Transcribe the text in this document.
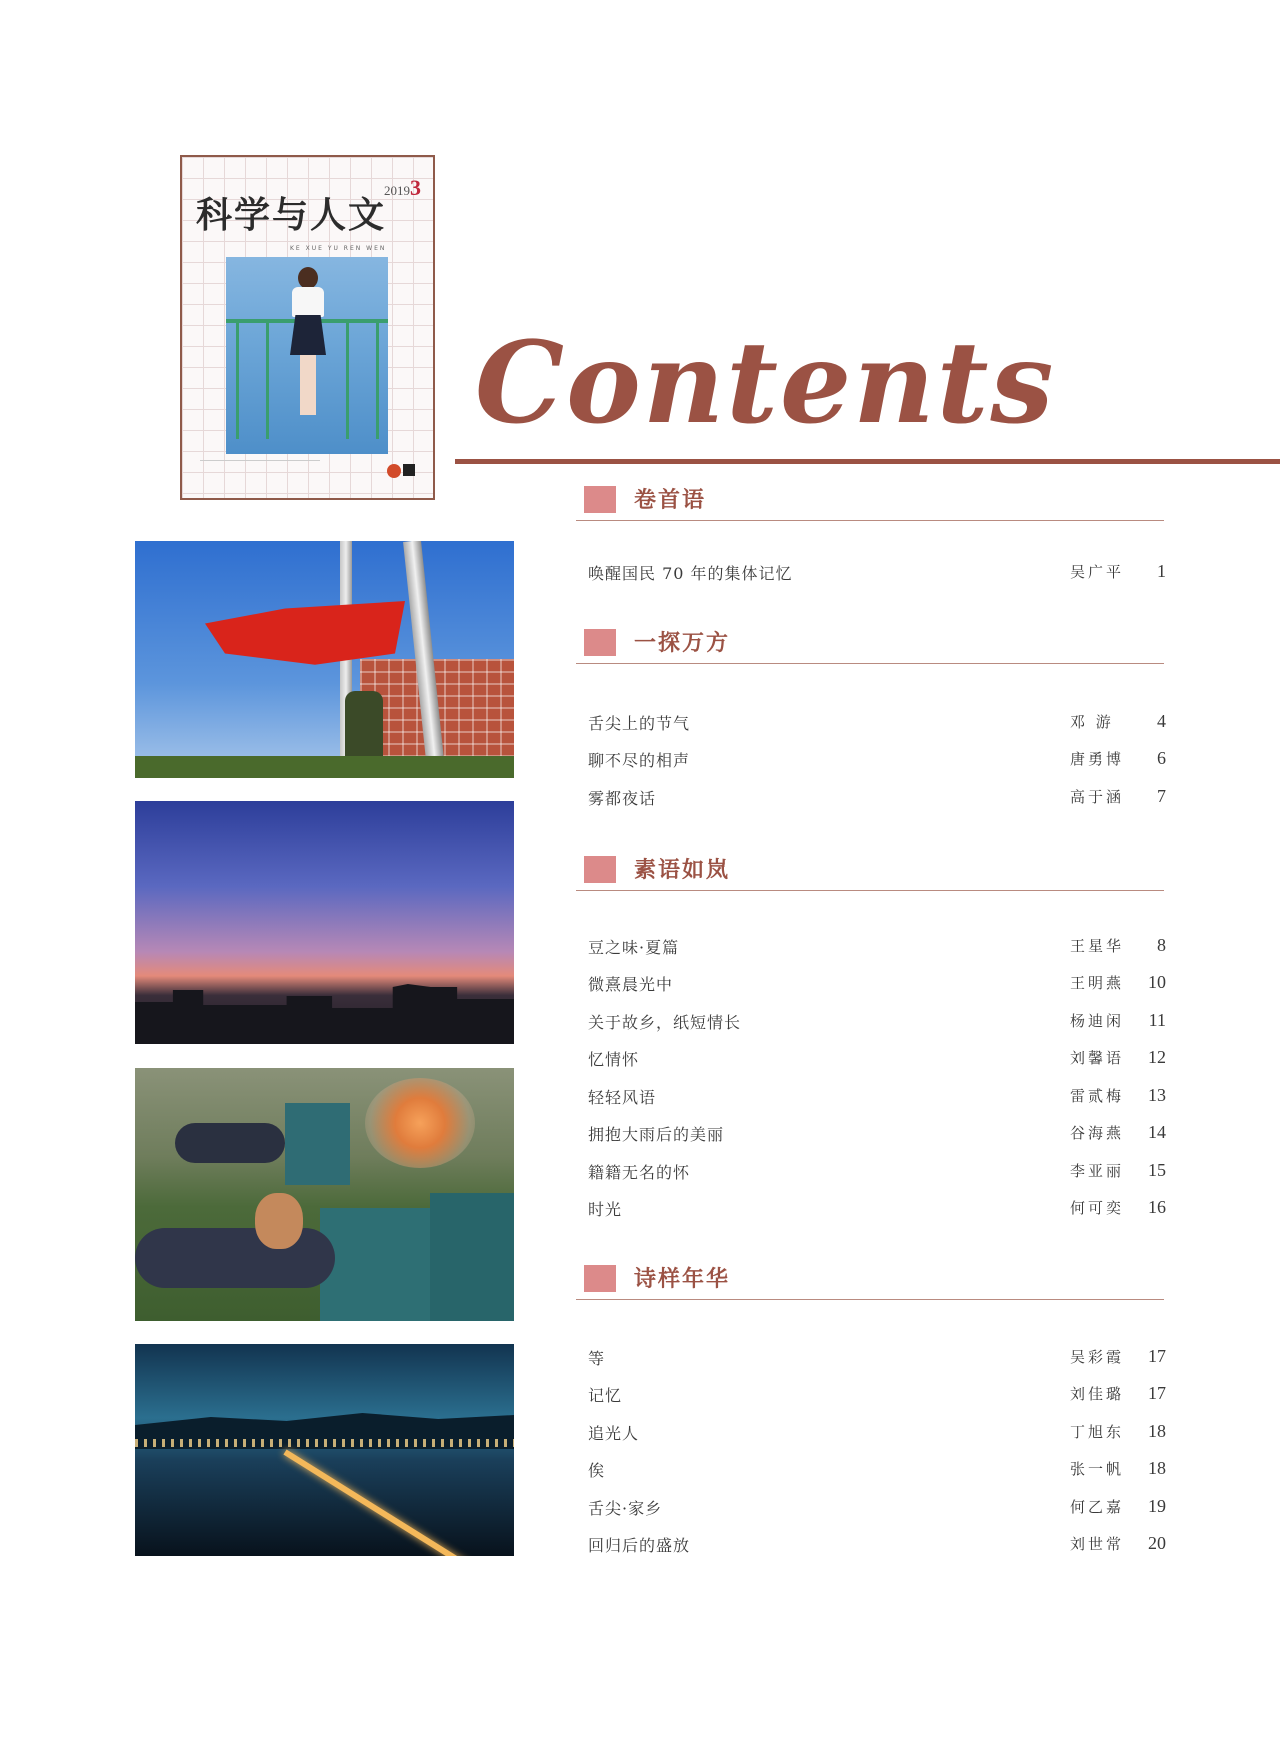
20193
科学与人文
KE XUE YU REN WEN
Contents
卷首语
唤醒国民 70 年的集体记忆	吴广平	1
一探万方
舌尖上的节气	邓 游	4
聊不尽的相声	唐勇博	6
雾都夜话	高于涵	7
素语如岚
豆之味·夏篇	王星华	8
微熹晨光中	王明燕	10
关于故乡，纸短情长	杨迪闲	11
忆情怀	刘馨语	12
轻轻风语	雷贰梅	13
拥抱大雨后的美丽	谷海燕	14
籍籍无名的怀	李亚丽	15
时光	何可奕	16
诗样年华
等	吴彩霞	17
记忆	刘佳璐	17
追光人	丁旭东	18
俟	张一帆	18
舌尖·家乡	何乙嘉	19
回归后的盛放	刘世常	20
